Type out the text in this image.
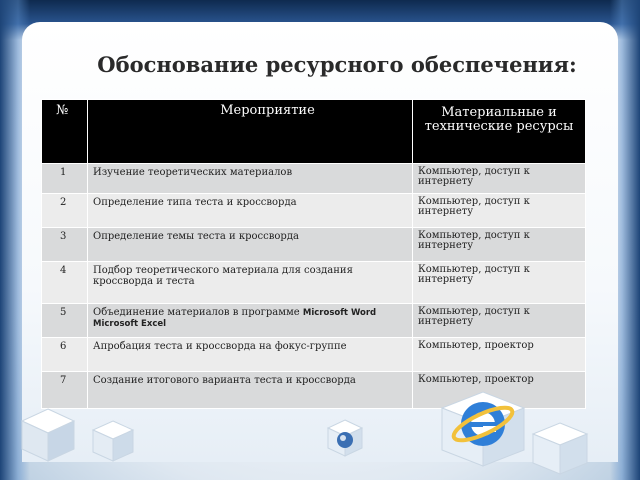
Обоснование ресурсного обеспечения:
№	Мероприятие	Материальные и технические ресурсы
1	Изучение теоретических материалов	Компьютер, доступ к интернету
2	Определение типа теста и кроссворда	Компьютер, доступ к интернету
3	Определение темы теста и кроссворда	Компьютер, доступ к интернету
4	Подбор теоретического материала для создания кроссворда и теста	Компьютер, доступ к интернету
5	Объединение материалов в программе Microsoft Word Microsoft Excel	Компьютер, доступ к интернету
6	Апробация теста и кроссворда на фокус-группе	Компьютер, проектор
7	Создание итогового варианта теста и кроссворда	Компьютер, проектор
